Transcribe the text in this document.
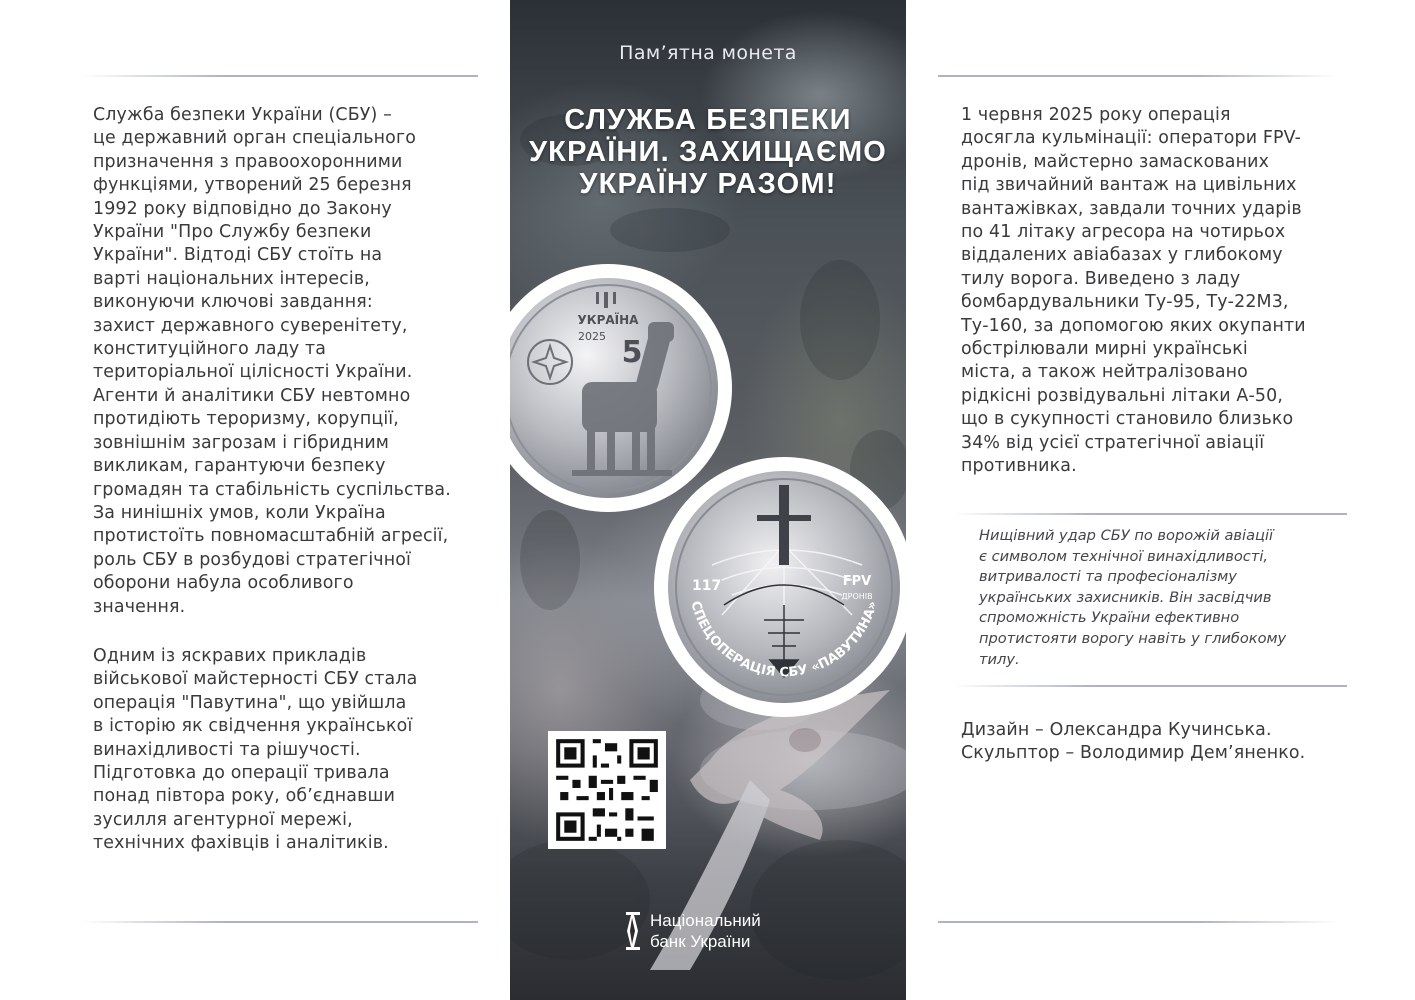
Служба безпеки України (СБУ) –
це державний орган спеціального
призначення з правоохоронними
функціями, утворений 25 березня
1992 року відповідно до Закону
України "Про Службу безпеки
України". Відтоді СБУ стоїть на
варті національних інтересів,
виконуючи ключові завдання:
захист державного суверенітету,
конституційного ладу та
територіальної цілісності України.
Агенти й аналітики СБУ невтомно
протидіють тероризму, корупції,
зовнішнім загрозам і гібридним
викликам, гарантуючи безпеку
громадян та стабільність суспільства.
За нинішніх умов, коли Україна
протистоїть повномасштабній агресії,
роль СБУ в розбудові стратегічної
оборони набула особливого
значення.

Одним із яскравих прикладів
військової майстерності СБУ стала
операція "Павутина", що увійшла
в історію як свідчення української
винахідливості та рішучості.
Підготовка до операції тривала
понад півтора року, об’єднавши
зусилля агентурної мережі,
технічних фахівців і аналітиків.

1 червня 2025 року операція
досягла кульмінації: оператори FPV-
дронів, майстерно замаскованих
під звичайний вантаж на цивільних
вантажівках, завдали точних ударів
по 41 літаку агресора на чотирьох
віддалених авіабазах у глибокому
тилу ворога. Виведено з ладу
бомбардувальники Ту-95, Ту-22М3,
Ту-160, за допомогою яких окупанти
обстрілювали мирні українські
міста, а також нейтралізовано
рідкісні розвідувальні літаки А-50,
що в сукупності становило близько
34% від усієї стратегічної авіації
противника.

Нищівний удар СБУ по ворожій авіації
є символом технічної винахідливості,
витривалості та професіоналізму
українських захисників. Він засвідчив
спроможність України ефективно
протистояти ворогу навіть у глибокому
тилу.

Дизайн – Олександра Кучинська.
Скульптор – Володимир Дем’яненко.

Пам’ятна монета
СЛУЖБА БЕЗПЕКИ
УКРАЇНИ. ЗАХИЩАЄМО
УКРАЇНУ РАЗОМ!
УКРАЇНА
2025 5
117	FPV
ДРОНІВ
СПЕЦОПЕРАЦІЯ СБУ «ПАВУТИНА»
Національний
банк України
